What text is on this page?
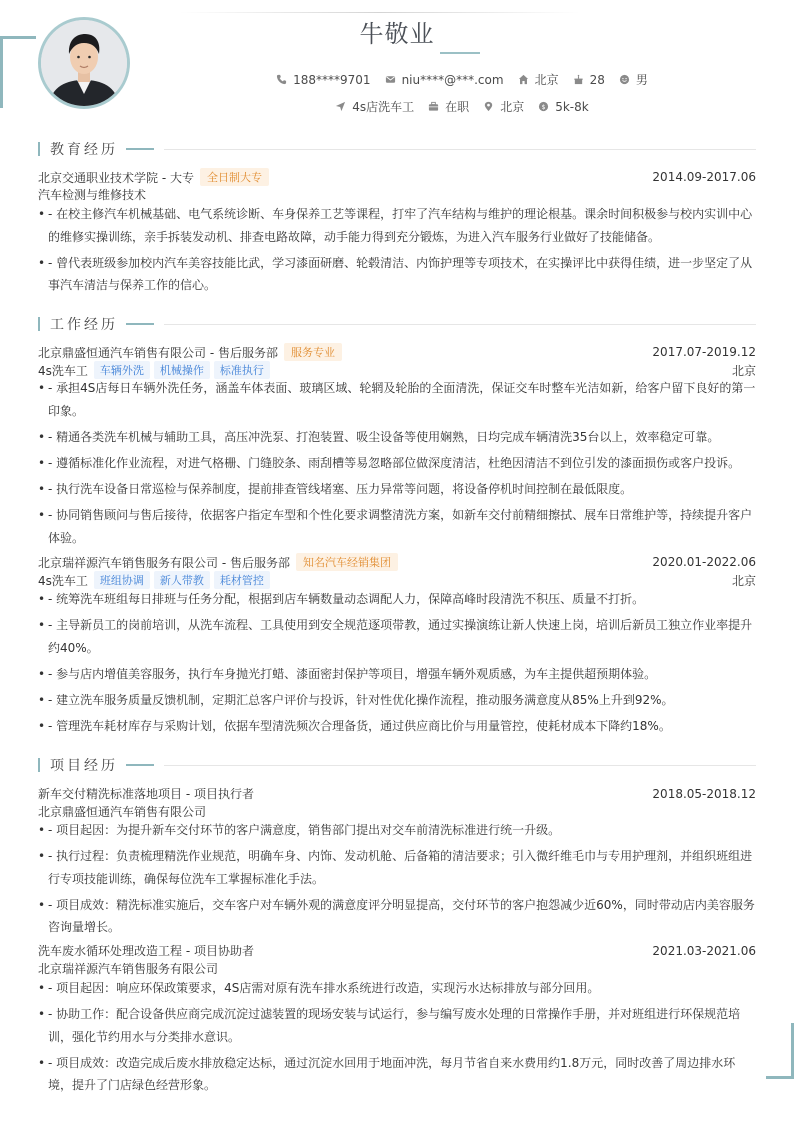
牛敬业
188****9701	niu****@***.com	北京	28	男
4s店洗车工	在职	北京 $ 5k-8k
教育经历
北京交通职业技术学院 - 大专	全日制大专	2014.09-2017.06
汽车检测与维修技术
• - 在校主修汽车机械基础、电气系统诊断、车身保养工艺等课程，打牢了汽车结构与维护的理论根基。课余时间积极参与校内实训中心的维修实操训练，亲手拆装发动机、排查电路故障，动手能力得到充分锻炼，为进入汽车服务行业做好了技能储备。
• - 曾代表班级参加校内汽车美容技能比武，学习漆面研磨、轮毂清洁、内饰护理等专项技术，在实操评比中获得佳绩，进一步坚定了从事汽车清洁与保养工作的信心。
工作经历
北京鼎盛恒通汽车销售有限公司 - 售后服务部	服务专业	2017.07-2019.12
4s洗车工	车辆外洗	机械操作	标准执行	北京
• - 承担4S店每日车辆外洗任务，涵盖车体表面、玻璃区域、轮辋及轮胎的全面清洗，保证交车时整车光洁如新，给客户留下良好的第一印象。
• - 精通各类洗车机械与辅助工具，高压冲洗泵、打泡装置、吸尘设备等使用娴熟，日均完成车辆清洗35台以上，效率稳定可靠。
• - 遵循标准化作业流程，对进气格栅、门缝胶条、雨刮槽等易忽略部位做深度清洁，杜绝因清洁不到位引发的漆面损伤或客户投诉。
• - 执行洗车设备日常巡检与保养制度，提前排查管线堵塞、压力异常等问题，将设备停机时间控制在最低限度。
• - 协同销售顾问与售后接待，依据客户指定车型和个性化要求调整清洗方案，如新车交付前精细擦拭、展车日常维护等，持续提升客户体验。
北京瑞祥源汽车销售服务有限公司 - 售后服务部	知名汽车经销集团	2020.01-2022.06
4s洗车工	班组协调	新人带教	耗材管控	北京
• - 统筹洗车班组每日排班与任务分配，根据到店车辆数量动态调配人力，保障高峰时段清洗不积压、质量不打折。
• - 主导新员工的岗前培训，从洗车流程、工具使用到安全规范逐项带教，通过实操演练让新人快速上岗，培训后新员工独立作业率提升约40%。
• - 参与店内增值美容服务，执行车身抛光打蜡、漆面密封保护等项目，增强车辆外观质感，为车主提供超预期体验。
• - 建立洗车服务质量反馈机制，定期汇总客户评价与投诉，针对性优化操作流程，推动服务满意度从85%上升到92%。
• - 管理洗车耗材库存与采购计划，依据车型清洗频次合理备货，通过供应商比价与用量管控，使耗材成本下降约18%。
项目经历
新车交付精洗标准落地项目 - 项目执行者	2018.05-2018.12
北京鼎盛恒通汽车销售有限公司
• - 项目起因：为提升新车交付环节的客户满意度，销售部门提出对交车前清洗标准进行统一升级。
• - 执行过程：负责梳理精洗作业规范，明确车身、内饰、发动机舱、后备箱的清洁要求；引入微纤维毛巾与专用护理剂，并组织班组进行专项技能训练，确保每位洗车工掌握标准化手法。
• - 项目成效：精洗标准实施后，交车客户对车辆外观的满意度评分明显提高，交付环节的客户抱怨减少近60%，同时带动店内美容服务咨询量增长。
洗车废水循环处理改造工程 - 项目协助者	2021.03-2021.06
北京瑞祥源汽车销售服务有限公司
• - 项目起因：响应环保政策要求，4S店需对原有洗车排水系统进行改造，实现污水达标排放与部分回用。
• - 协助工作：配合设备供应商完成沉淀过滤装置的现场安装与试运行，参与编写废水处理的日常操作手册，并对班组进行环保规范培训，强化节约用水与分类排水意识。
• - 项目成效：改造完成后废水排放稳定达标，通过沉淀水回用于地面冲洗，每月节省自来水费用约1.8万元，同时改善了周边排水环境，提升了门店绿色经营形象。
